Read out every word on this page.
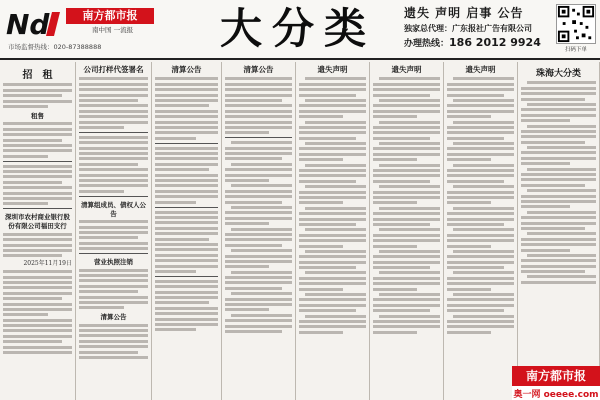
Nd	南方都市报
南中国 一流报
市场监督热线：020-87388888	大分类	遗失 声明 启事 公告
独家总代理：广东报社广告有限公司
办理热线：186 2012 9924
扫码下单
招　租
租售
深圳市农村商业银行股份有限公司福田支行
2025年11月19日
公司打样代签署名
清算组成员、债权人公告
营业执照注销
清算公告
清算公告	清算公告	遗失声明	遗失声明	遗失声明	珠海大分类
南方都市报
奥一网 oeeee.com
